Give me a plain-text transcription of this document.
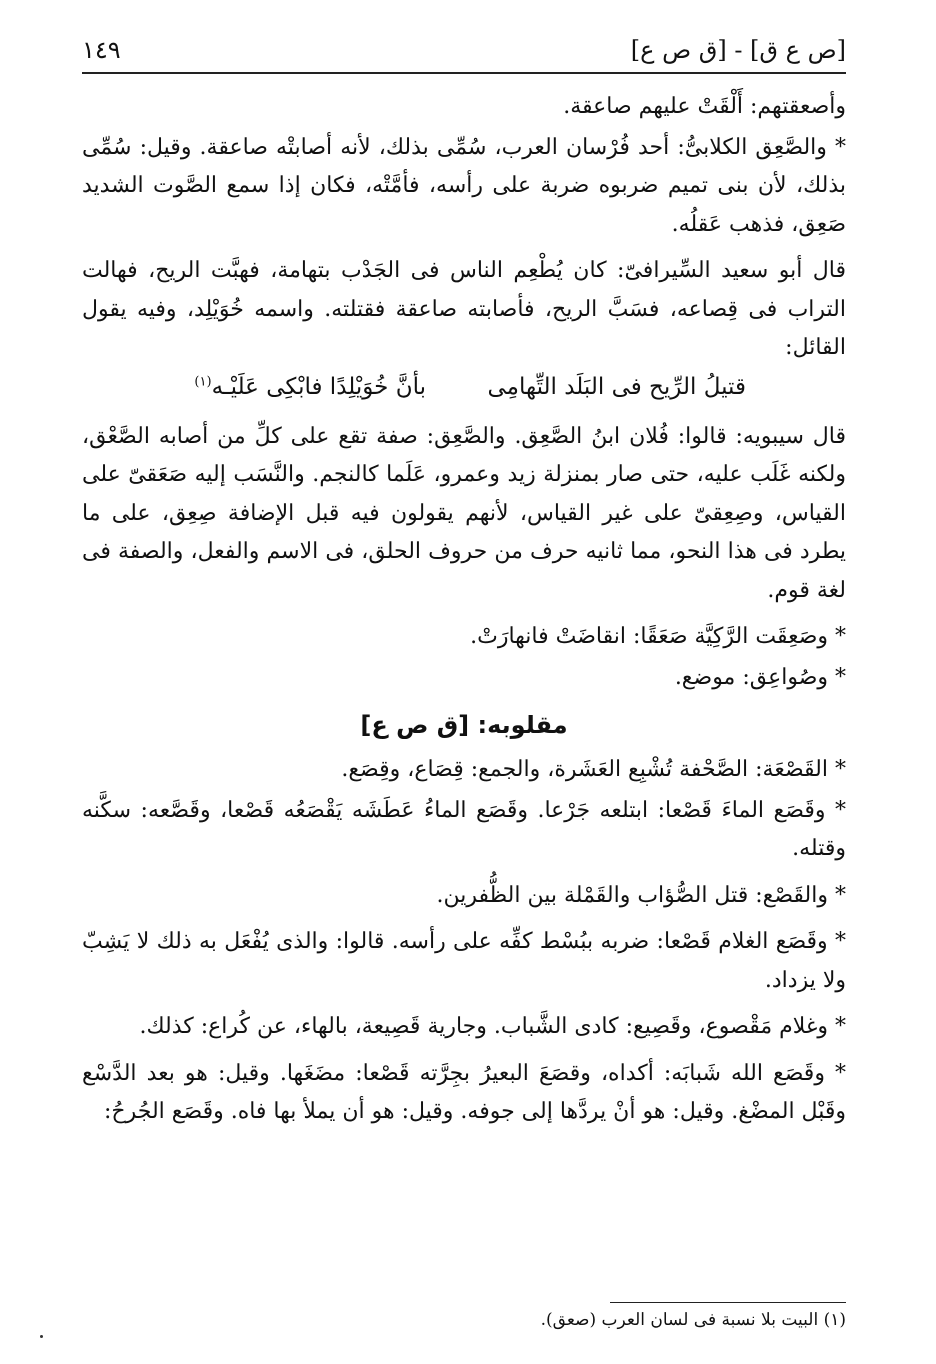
[ص ع ق] - [ق ص ع]
١٤٩

وأصعقتهم: أَلْقَتْ عليهم صاعقة.

* والصَّعِق الكلابىُّ: أحد فُرْسان العرب، سُمِّى بذلك، لأنه أصابتْه صاعقة. وقيل: سُمِّى بذلك، لأن بنى تميم ضربوه ضربة على رأسه، فأمَّتْه، فكان إذا سمع الصَّوت الشديد صَعِق، فذهب عَقلُه.

قال أبو سعيد السِّيرافىّ: كان يُطْعِم الناس فى الجَدْب بتهامة، فهبَّت الريح، فهالت التراب فى قِصاعه، فسَبَّ الريح، فأصابته صاعقة فقتلته. واسمه خُوَيْلِد، وفيه يقول القائل:

قتيلُ الرِّيح فى البَلَد التِّهامِى
بأنَّ خُوَيْلِدًا فابْكِى عَلَيْـه$^{(١)}$

قال سيبويه: قالوا: فُلان ابنُ الصَّعِق. والصَّعِق: صفة تقع على كلِّ من أصابه الصَّعْق، ولكنه غَلَب عليه، حتى صار بمنزلة زيد وعمرو، عَلَما كالنجم. والنَّسَب إليه صَعَقىّ على القياس، وصِعِقىّ على غير القياس، لأنهم يقولون فيه قبل الإضافة صِعِق، على ما يطرد فى هذا النحو، مما ثانيه حرف من حروف الحلق، فى الاسم والفعل، والصفة فى لغة قوم.

* وصَعِقَت الرَّكِيَّة صَعَقًا: انقاضَتْ فانهارَتْ.

* وصُواعِق: موضع.

مقلوبه: [ق ص ع]

* القَصْعَة: الصَّحْفة تُشْبِع العَشَرة، والجمع: قِصَاع، وقِصَع.

* وقَصَع الماءَ قَصْعا: ابتلعه جَرْعا. وقَصَع الماءُ عَطَشَه يَقْصَعُه قَصْعا، وقَصَّعه: سكَّنه وقتله.

* والقَصْع: قتل الصُّؤاب والقَمْلة بين الظُّفرين.

* وقَصَع الغلام قَصْعا: ضربه ببُسْط كفِّه على رأسه. قالوا: والذى يُفْعَل به ذلك لا يَشِبّ ولا يزداد.

* وغلام مَقْصوع، وقَصِيع: كادى الشَّباب. وجارية قَصِيعة، بالهاء، عن كُراع: كذلك.

* وقَصَع الله شَبابَه: أكداه، وقصَعَ البعيرُ بجِرَّته قَصْعا: مضَغَها. وقيل: هو بعد الدَّسْع وقَبْل المضْغ. وقيل: هو أنْ يردَّها إلى جوفه. وقيل: هو أن يملأ بها فاه. وقَصَع الجُرحُ:

(١) البيت بلا نسبة فى لسان العرب (صعق).
